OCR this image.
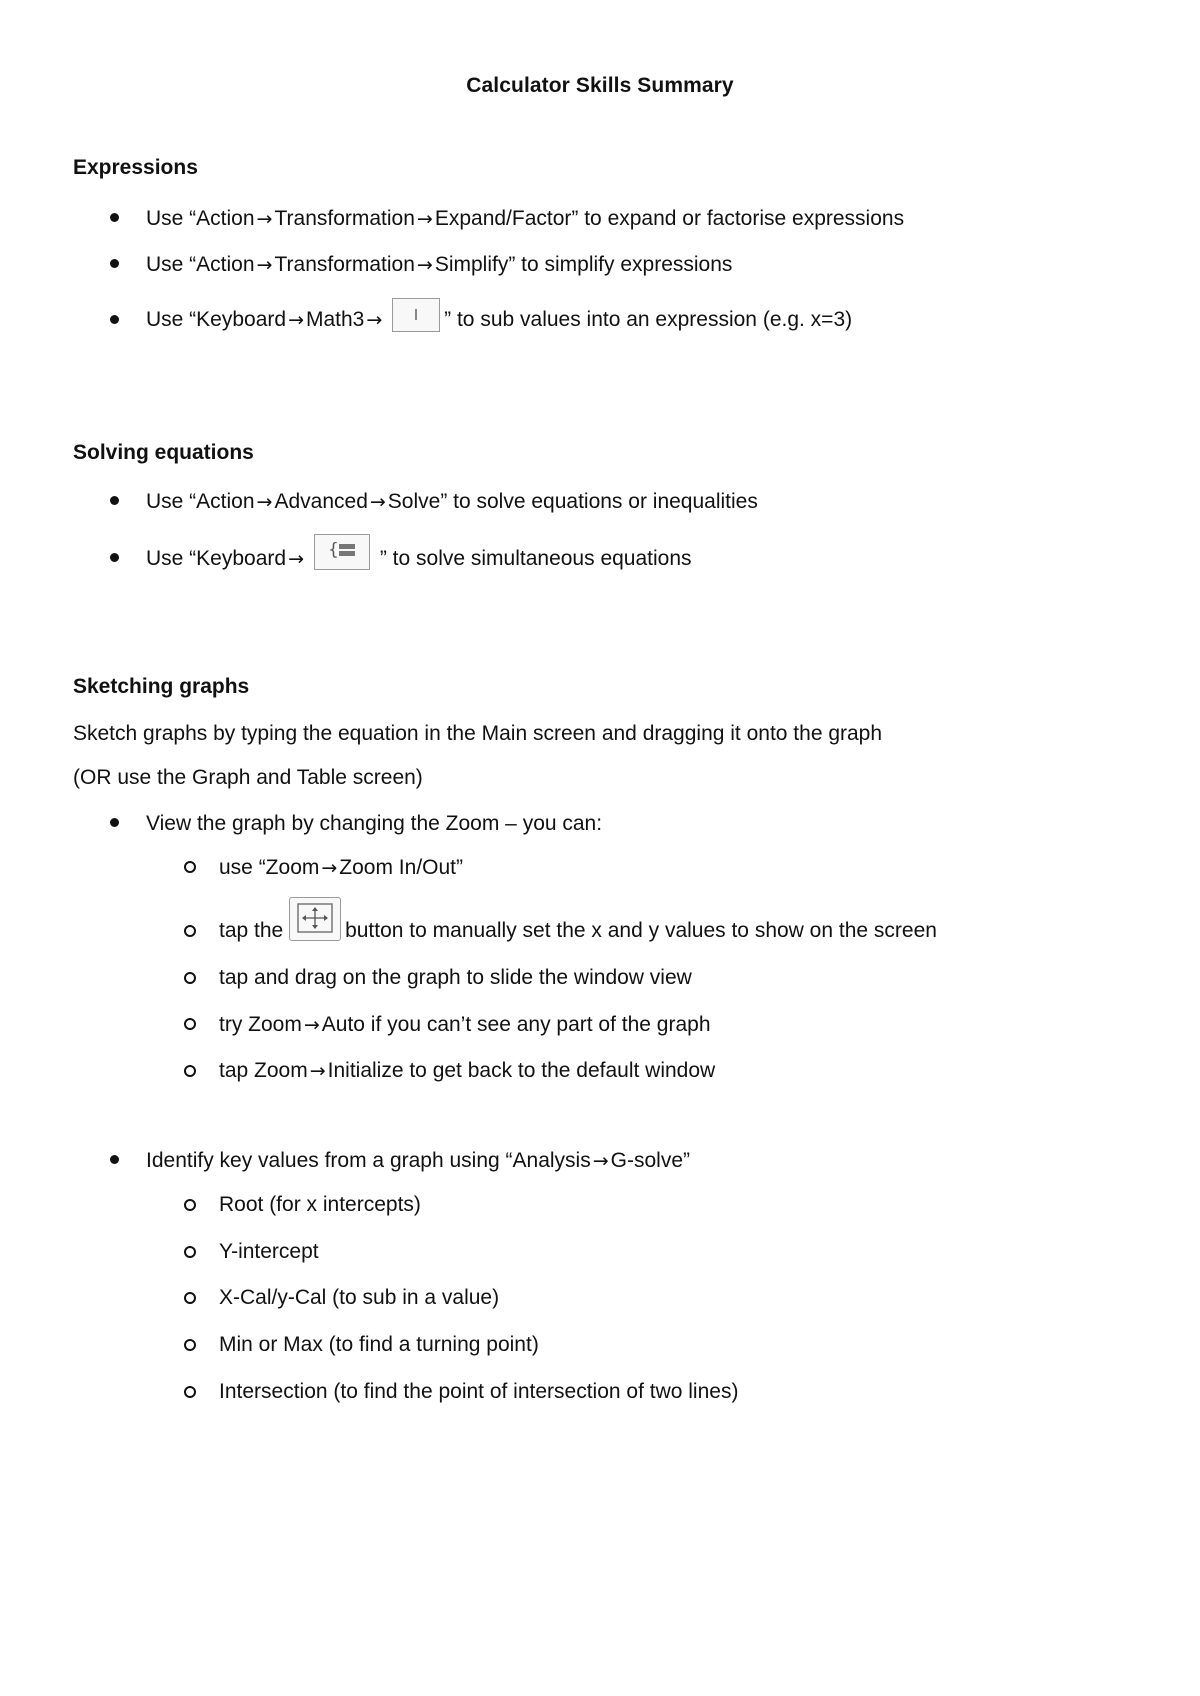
Calculator Skills Summary
Expressions
Use “Action →Transformation →Expand/Factor” to expand or factorise expressions
Use “Action →Transformation →Simplify” to simplify expressions
Use “Keyboard →Math3 →	” to sub values into an expression (e.g. x=3)
Solving equations
Use “Action →Advanced →Solve” to solve equations or inequalities
Use “Keyboard → { ” to solve simultaneous equations
Sketching graphs
Sketch graphs by typing the equation in the Main screen and dragging it onto the graph
(OR use the Graph and Table screen)
View the graph by changing the Zoom – you can:
use “Zoom →Zoom In/Out”
tap the	button to manually set the x and y values to show on the screen
tap and drag on the graph to slide the window view
try Zoom →Auto if you can’t see any part of the graph
tap Zoom →Initialize to get back to the default window
Identify key values from a graph using “Analysis →G-solve”
Root (for x intercepts)
Y-intercept
X-Cal/y-Cal (to sub in a value)
Min or Max (to find a turning point)
Intersection (to find the point of intersection of two lines)
